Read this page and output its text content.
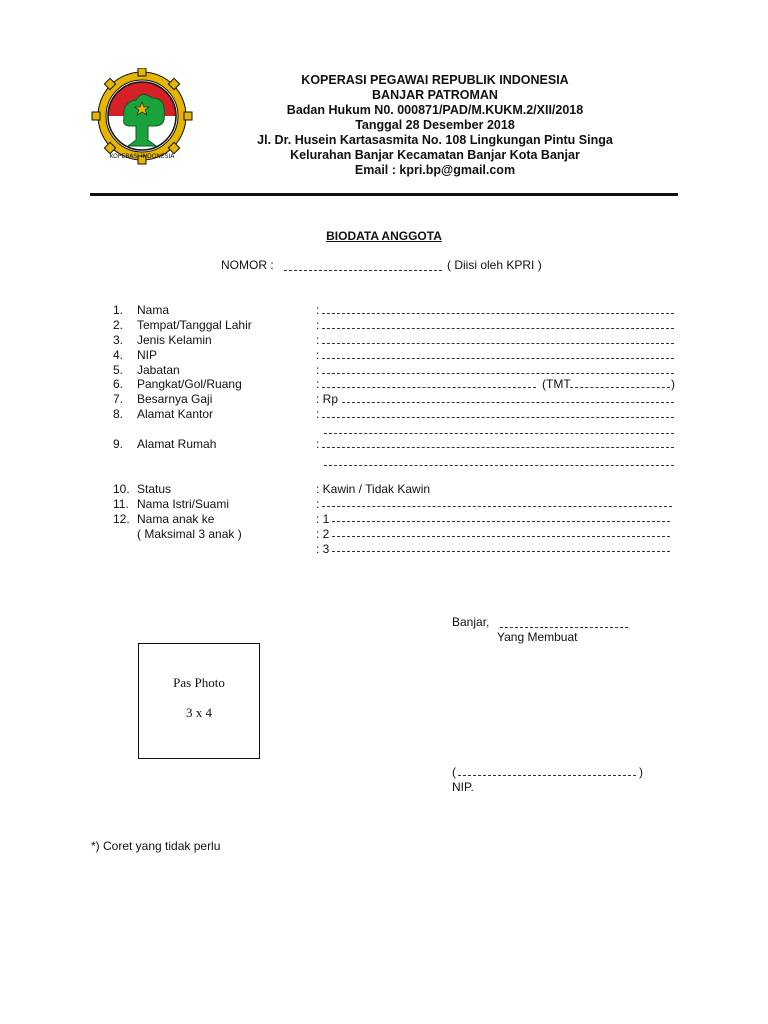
KOPERASI INDONESIA
KOPERASI PEGAWAI REPUBLIK INDONESIA
BANJAR PATROMAN
Badan Hukum N0. 000871/PAD/M.KUKM.2/XII/2018
Tanggal 28 Desember 2018
Jl. Dr. Husein Kartasasmita No. 108 Lingkungan Pintu Singa
Kelurahan Banjar Kecamatan Banjar Kota Banjar
Email : kpri.bp@gmail.com
BIODATA ANGGOTA
NOMOR :	( Diisi oleh KPRI )
1. Nama	:
2. Tempat/Tanggal Lahir	:
3. Jenis Kelamin	:
4. NIP	:
5. Jabatan	:
6. Pangkat/Gol/Ruang	:	(TMT	)
7. Besarnya Gaji	: Rp
8. Alamat Kantor	:
9. Alamat Rumah	:
10. Status	: Kawin / Tidak Kawin
11. Nama Istri/Suami	:
12. Nama anak ke	: 1
( Maksimal 3 anak )	: 2
: 3
Banjar,
Yang Membuat
Pas Photo
3 x 4
(	)
NIP.
*) Coret yang tidak perlu
